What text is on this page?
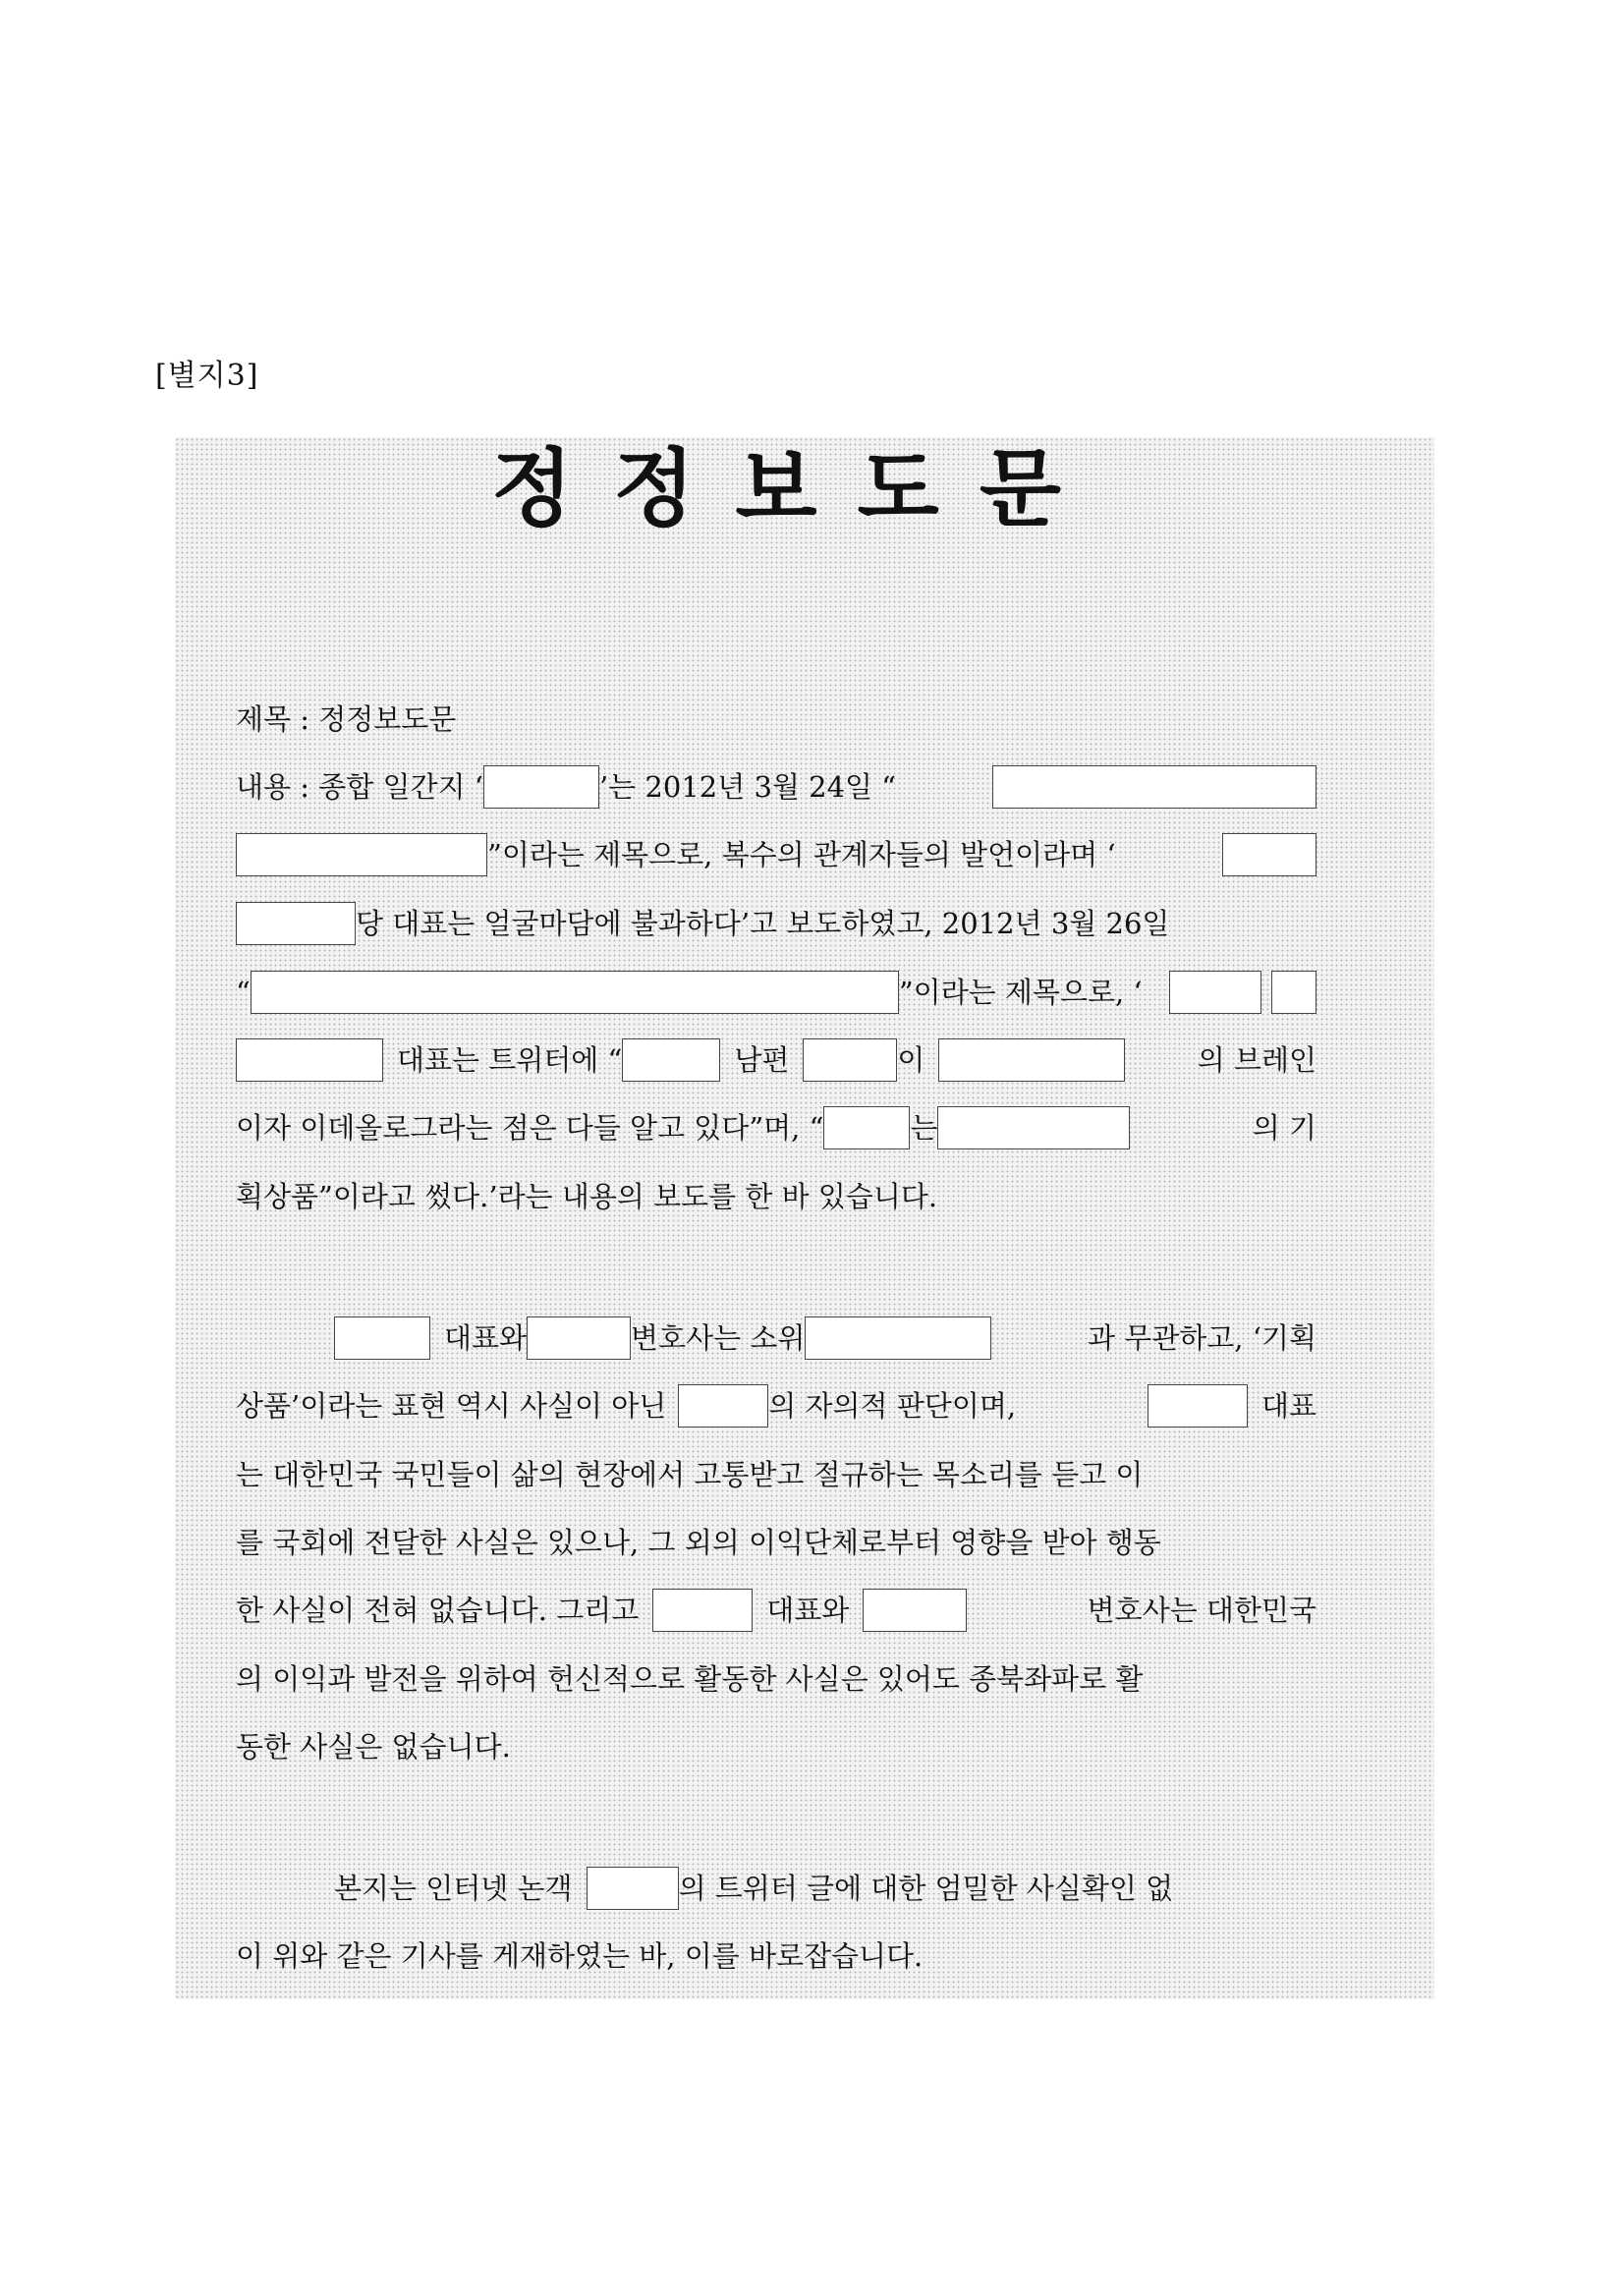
[별지3]
정 정 보 도 문
제목 : 정정보도문
내용 : 종합 일간지 ‘	’는 2012년 3월 24일 “
”이라는 제목으로, 복수의 관계자들의 발언이라며 ‘
당 대표는 얼굴마담에 불과하다’고 보도하였고, 2012년 3월 26일
“	”이라는 제목으로, ‘
대표는 트위터에 “	남편	이	의 브레인
이자 이데올로그라는 점은 다들 알고 있다”며, “	는	의 기
획상품”이라고 썼다.’라는 내용의 보도를 한 바 있습니다.
대표와	변호사는 소위	과 무관하고, ‘기획
상품’이라는 표현 역시 사실이 아닌	의 자의적 판단이며,	대표
는 대한민국 국민들이 삶의 현장에서 고통받고 절규하는 목소리를 듣고 이
를 국회에 전달한 사실은 있으나, 그 외의 이익단체로부터 영향을 받아 행동
한 사실이 전혀 없습니다. 그리고	대표와	변호사는 대한민국
의 이익과 발전을 위하여 헌신적으로 활동한 사실은 있어도 종북좌파로 활
동한 사실은 없습니다.
본지는 인터넷 논객	의 트위터 글에 대한 엄밀한 사실확인 없
이 위와 같은 기사를 게재하였는 바, 이를 바로잡습니다.
